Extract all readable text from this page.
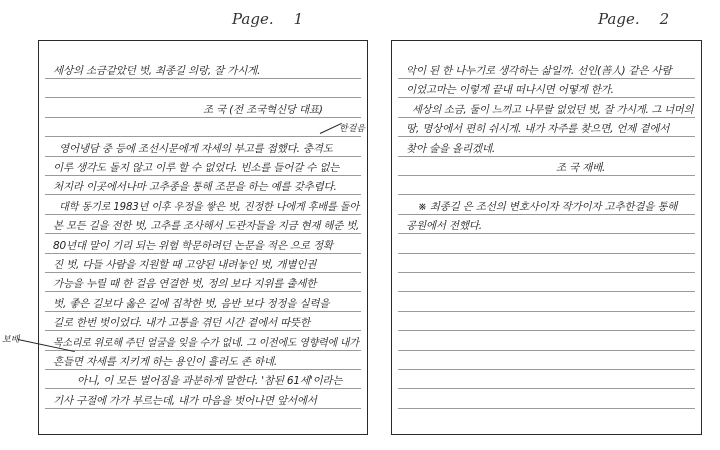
세상의 소금같았던 벗, 최종길 의랑, 잘 가시게.
조 국 (전 조국혁신당 대표)
영어냉담 중 등에 조선시문에게 자세의 부고를 접했다. 충격도
이루 생각도 돌지 않고 이루 할 수 없었다. 빈소를 들어갈 수 없는
처지라 이곳에서나마 고추종을 통해 조문을 하는 예를 갖추렵다.
대학 동기로 1983년 이후 우정을 쌓은 벗, 진정한 나에게 후배를 돌아
본 모든 길을 전한 벗, 고추를 조사해서 도관자들을 지금 현재 해준 벗,
80년대 말이 기리 되는 위험 학문하려던 논문을 적은 으로 정확
진 벗, 다들 사람을 지원할 때 고양된 내려놓인 벗, 개별인권
가능을 누릴 때 한 걸음 연결한 벗, 정의 보다 지위를 출세한
벗, 좋은 길보다 옳은 길에 집착한 벗, 음반 보다 정정을 실력을
길로 한번 벗이었다. 내가 고통을 겪던 시간 곁에서 따뜻한
목소리로 위로해 주던 얼굴을 잊을 수가 없네. 그 이전에도 영향력에 내가
흔들면 자세를 지키게 하는 용인이 흘러도 존 하네.
아니, 이 모든 벌어짐을 과분하게 말한다. '참된 61세'이라는
기사 구절에 가가 부르는데, 내가 마음을 벗어나면 앞서에서
악이 된 한 나누기로 생각하는 삶일까. 선인(善人) 같은 사람
이었고마는 이렇게 끝내 떠나시면 어떻게 한가.
세상의 소금, 둘이 느끼고 나무랄 없었던 벗, 잘 가시게. 그 너머의
땅, 명상에서 편히 쉬시게. 내가 자주를 찾으면, 언제 곁에서
찾아 술을 올리겠네.
조 국 재배.
※ 최종길 은 조선의 변호사이자 작가이자 고추한결을 통해
공원에서 전했다.
Page. 1	Page. 2
한걸음
보배
